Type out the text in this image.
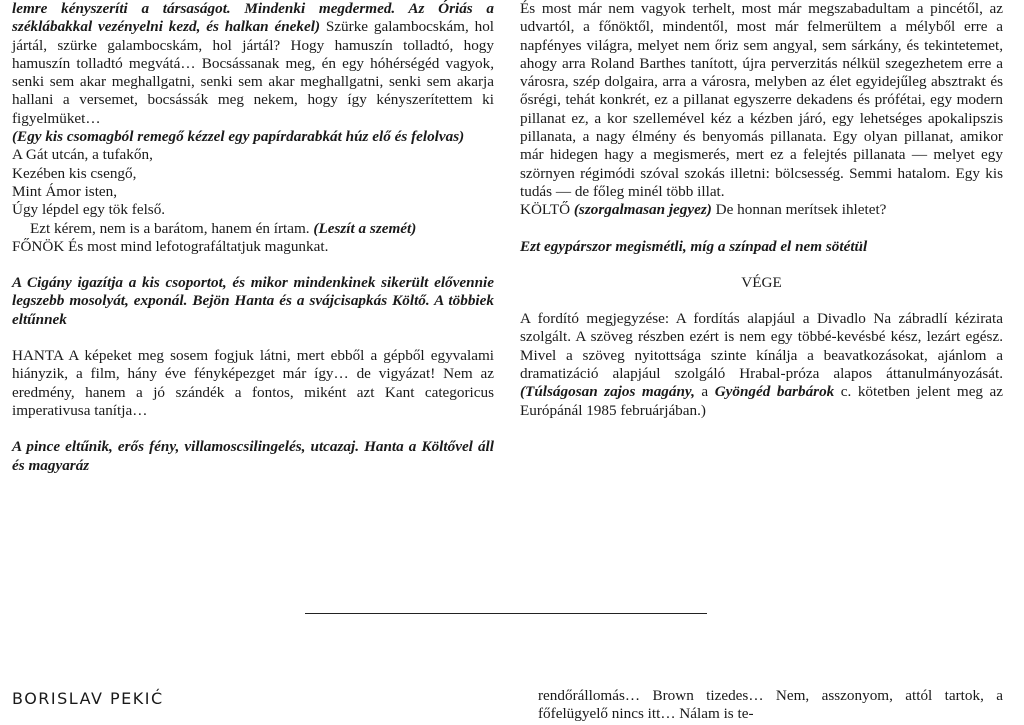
lemre kényszeríti a társaságot. Mindenki megdermed. Az Óriás a széklábakkal vezényelni kezd, és halkan énekel) Szürke galambocskám, hol jártál, szürke galambocskám, hol jártál? Hogy hamuszín tolladtó, hogy hamuszín tolladtó megvátá… Bocsássanak meg, én egy hóhérségéd vagyok, senki sem akar meghallgatni, senki sem akar meghallgatni, senki sem akarja hallani a versemet, bocsássák meg nekem, hogy így kényszerítettem ki figyelmüket…

(Egy kis csomagból remegő kézzel egy papírdarabkát húz elő és felolvas)

A Gát utcán, a tufakőn,

Kezében kis csengő,

Mint Ámor isten,

Úgy lépdel egy tök felső.

Ezt kérem, nem is a barátom, hanem én írtam. (Leszít a szemét)

FŐNÖK És most mind lefotografáltatjuk magunkat.

A Cigány igazítja a kis csoportot, és mikor mindenkinek sikerült elővennie legszebb mosolyát, exponál. Bejön Hanta és a svájcisapkás Költő. A többiek eltűnnek

HANTA A képeket meg sosem fogjuk látni, mert ebből a gépből egyvalami hiányzik, a film, hány éve fényképezget már így… de vigyázat! Nem az eredmény, hanem a jó szándék a fontos, miként azt Kant categoricus imperativusa tanítja…

A pince eltűnik, erős fény, villamoscsilingelés, utcazaj. Hanta a Költővel áll és magyaráz

És most már nem vagyok terhelt, most már megszabadultam a pincétől, az udvartól, a főnöktől, mindentől, most már felmerültem a mélyből erre a napfényes világra, melyet nem őriz sem angyal, sem sárkány, és tekintetemet, ahogy arra Roland Barthes tanított, újra perverzitás nélkül szegezhetem erre a városra, szép dolgaira, arra a városra, melyben az élet egyidejűleg absztrakt és ősrégi, tehát konkrét, ez a pillanat egyszerre dekadens és prófétai, egy modern pillanat ez, a kor szellemével kéz a kézben járó, egy lehetséges apokalipszis pillanata, a nagy élmény és benyomás pillanata. Egy olyan pillanat, amikor már hidegen hagy a megismerés, mert ez a felejtés pillanata — melyet egy szörnyen régimódi szóval szokás illetni: bölcsesség. Semmi hatalom. Egy kis tudás — de főleg minél több illat.

KÖLTŐ (szorgalmasan jegyez) De honnan merítsek ihletet?

Ezt egypárszor megismétli, míg a színpad el nem sötétül

VÉGE

A fordító megjegyzése: A fordítás alapjául a Divadlo Na zábradlí kézirata szolgált. A szöveg részben ezért is nem egy többé-kevésbé kész, lezárt egész. Mivel a szöveg nyitottsága szinte kínálja a beavatkozásokat, ajánlom a dramatizáció alapjául szolgáló Hrabal-próza alapos áttanulmányozását. (Túlságosan zajos magány, a Gyöngéd barbárok c. kötetben jelent meg az Európánál 1985 februárjában.)

BORISLAV PEKIĆ	rendőrállomás… Brown tizedes… Nem, asszonyom, attól tartok, a főfelügyelő nincs itt… Nálam is te-
